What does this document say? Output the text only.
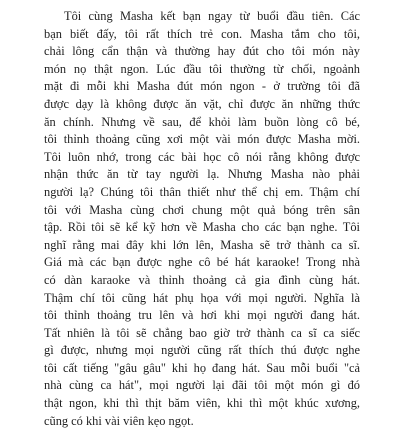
Tôi cùng Masha kết bạn ngay từ buổi đầu tiên. Các
bạn biết đấy, tôi rất thích trẻ con. Masha tắm cho tôi,
chải lông cẩn thận và thường hay đút cho tôi món này
món nọ thật ngon. Lúc đầu tôi thường từ chối, ngoảnh
mặt đi mỗi khi Masha đút món ngon - ở trường tôi đã
được dạy là không được ăn vặt, chỉ được ăn những thức
ăn chính. Nhưng về sau, để khỏi làm buồn lòng cô bé,
tôi thỉnh thoảng cũng xơi một vài món được Masha mời.
Tôi luôn nhớ, trong các bài học cô nói rằng không được
nhận thức ăn từ tay người lạ. Nhưng Masha nào phải
người lạ? Chúng tôi thân thiết như thể chị em. Thậm chí
tôi với Masha cùng chơi chung một quả bóng trên sân
tập. Rồi tôi sẽ kể kỹ hơn về Masha cho các bạn nghe. Tôi
nghĩ rằng mai đây khi lớn lên, Masha sẽ trở thành ca sĩ.
Giá mà các bạn được nghe cô bé hát karaoke! Trong nhà
có dàn karaoke và thỉnh thoảng cả gia đình cùng hát.
Thậm chí tôi cũng hát phụ họa với mọi người. Nghĩa là
tôi thỉnh thoảng tru lên và hơi khi mọi người đang hát.
Tất nhiên là tôi sẽ chẳng bao giờ trở thành ca sĩ ca siếc
gì được, nhưng mọi người cũng rất thích thú được nghe
tôi cất tiếng "gâu gâu" khi họ đang hát. Sau mỗi buổi "cả
nhà cùng ca hát", mọi người lại đãi tôi một món gì đó
thật ngon, khi thì thịt băm viên, khi thì một khúc xương,
cũng có khi vài viên kẹo ngọt.
